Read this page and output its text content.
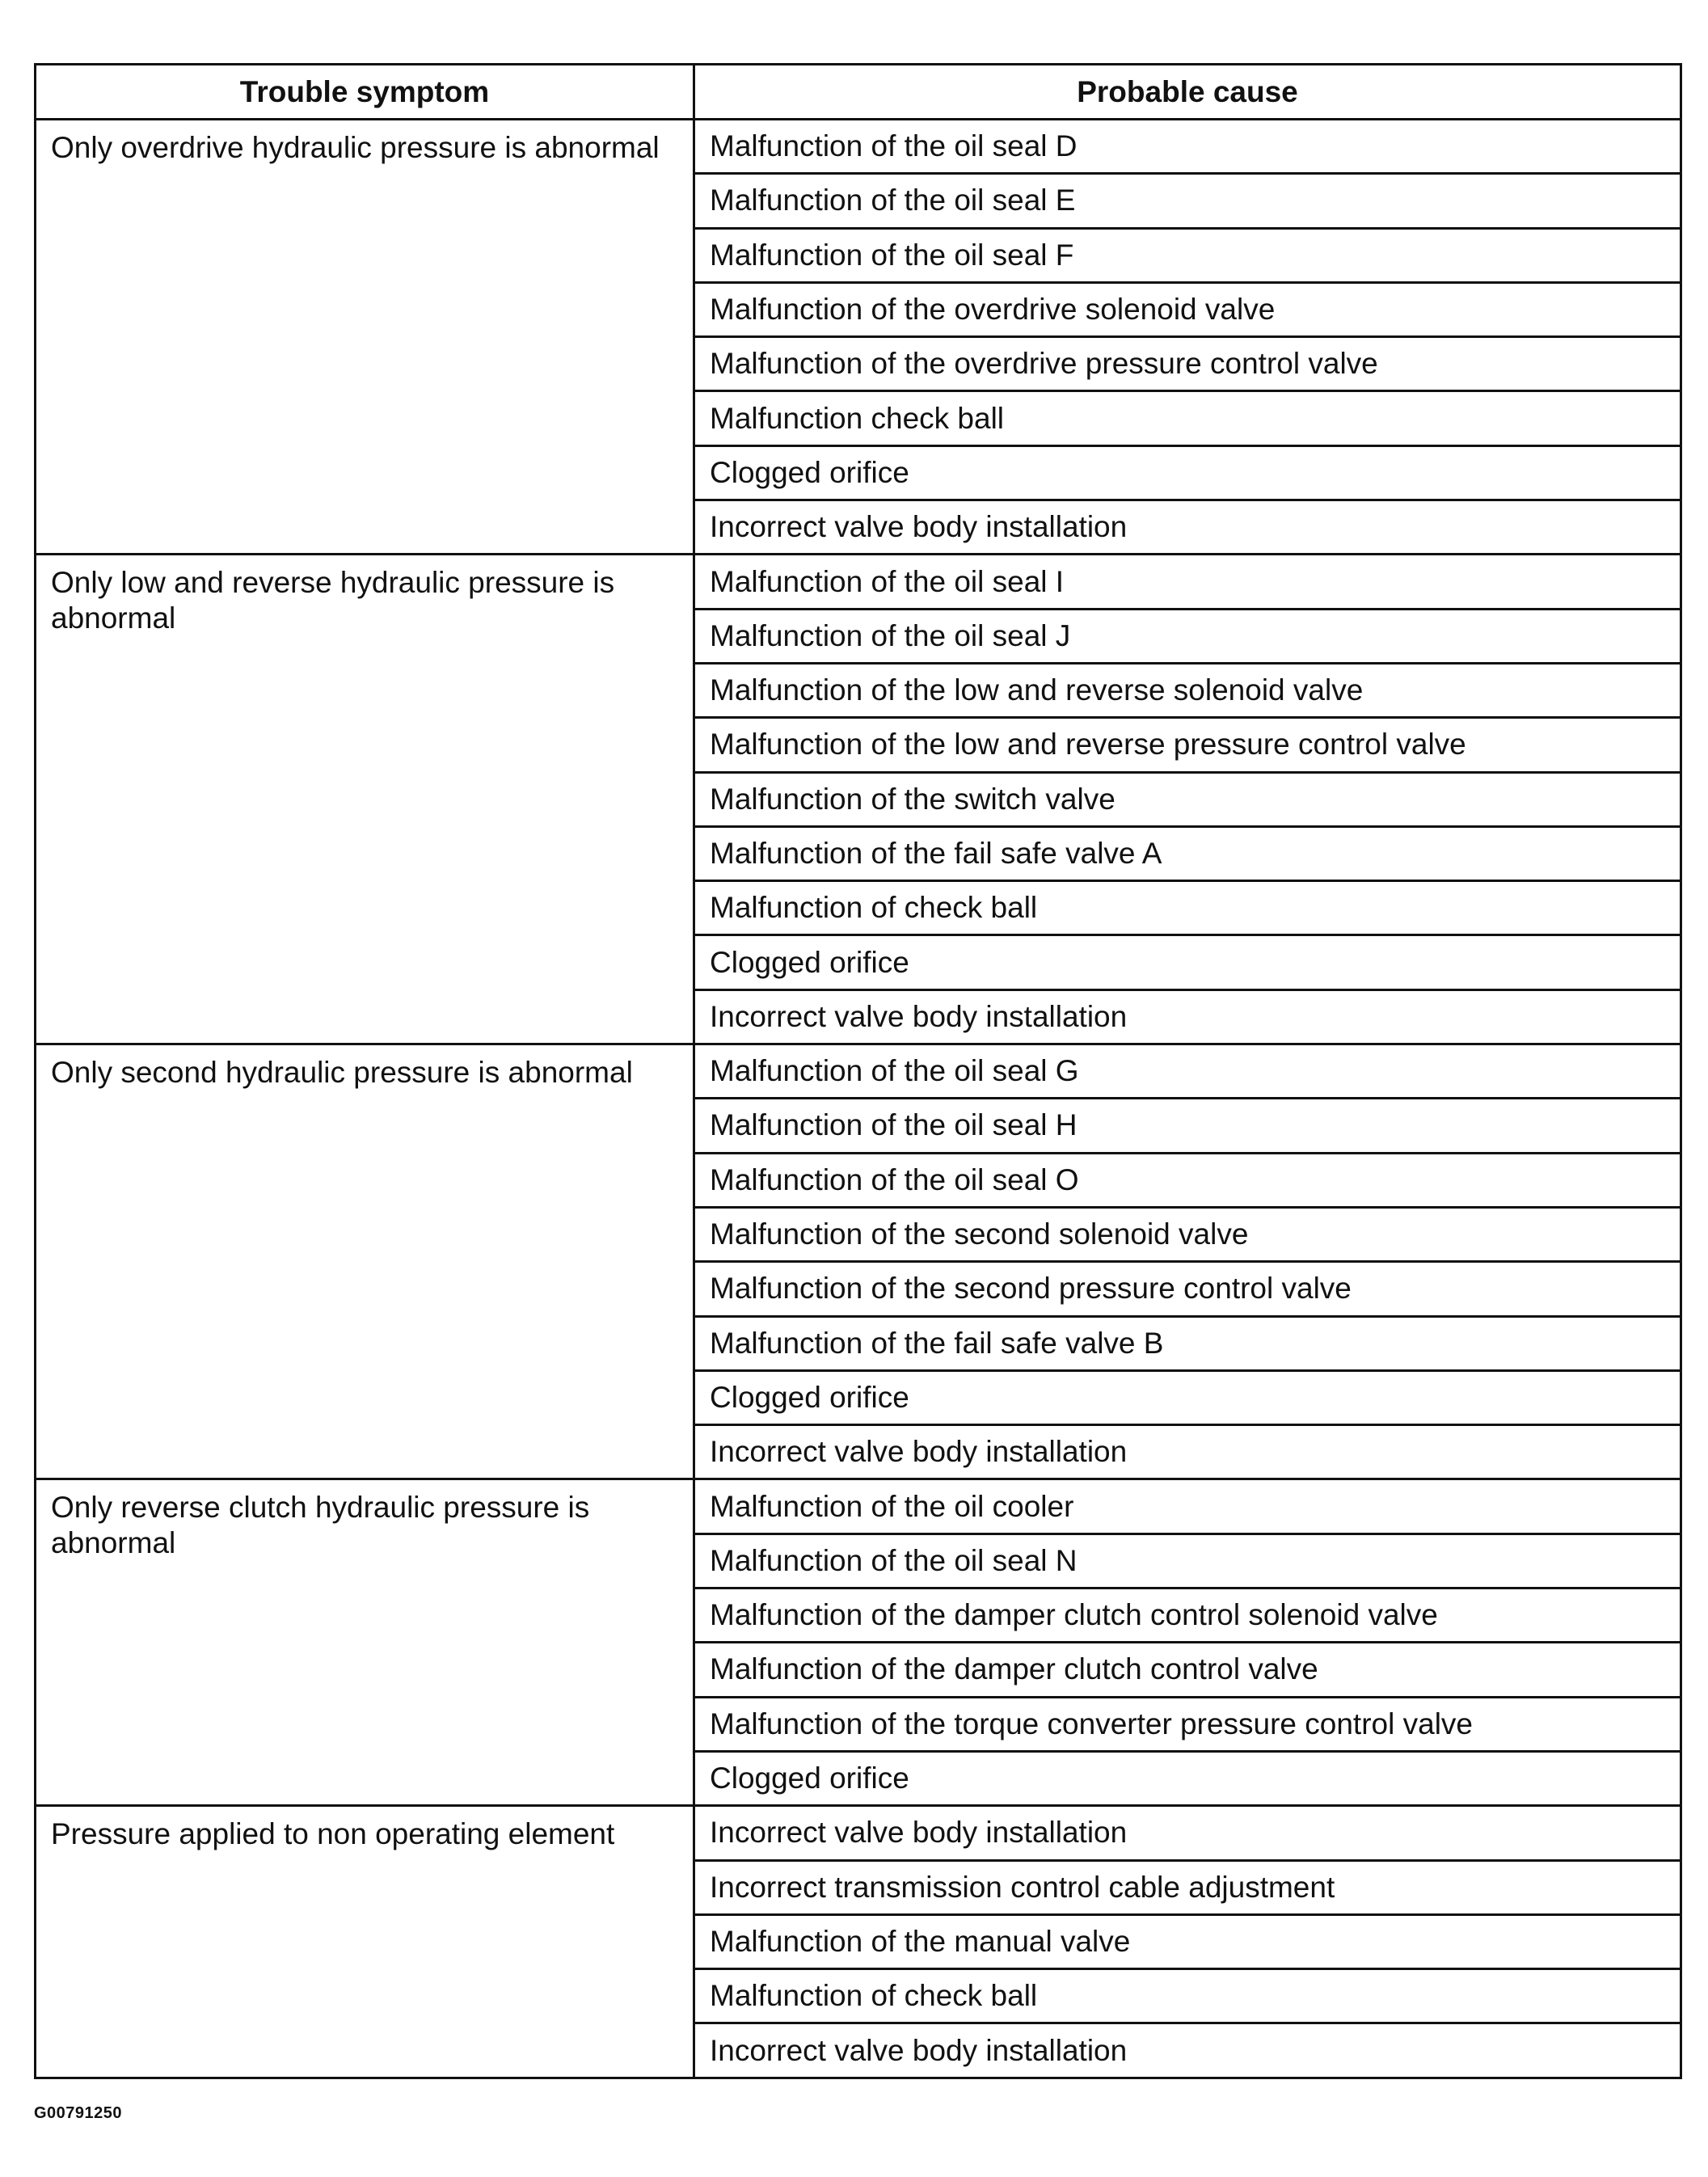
Trouble symptom	Probable cause
Only overdrive hydraulic pressure is abnormal	Malfunction of the oil seal D
	Malfunction of the oil seal E
	Malfunction of the oil seal F
	Malfunction of the overdrive solenoid valve
	Malfunction of the overdrive pressure control valve
	Malfunction check ball
	Clogged orifice
	Incorrect valve body installation
Only low and reverse hydraulic pressure is abnormal	Malfunction of the oil seal I
	Malfunction of the oil seal J
	Malfunction of the low and reverse solenoid valve
	Malfunction of the low and reverse pressure control valve
	Malfunction of the switch valve
	Malfunction of the fail safe valve A
	Malfunction of check ball
	Clogged orifice
	Incorrect valve body installation
Only second hydraulic pressure is abnormal	Malfunction of the oil seal G
	Malfunction of the oil seal H
	Malfunction of the oil seal O
	Malfunction of the second solenoid valve
	Malfunction of the second pressure control valve
	Malfunction of the fail safe valve B
	Clogged orifice
	Incorrect valve body installation
Only reverse clutch hydraulic pressure is abnormal	Malfunction of the oil cooler
	Malfunction of the oil seal N
	Malfunction of the damper clutch control solenoid valve
	Malfunction of the damper clutch control valve
	Malfunction of the torque converter pressure control valve
	Clogged orifice
Pressure applied to non operating element	Incorrect valve body installation
	Incorrect transmission control cable adjustment
	Malfunction of the manual valve
	Malfunction of check ball
	Incorrect valve body installation
G00791250
